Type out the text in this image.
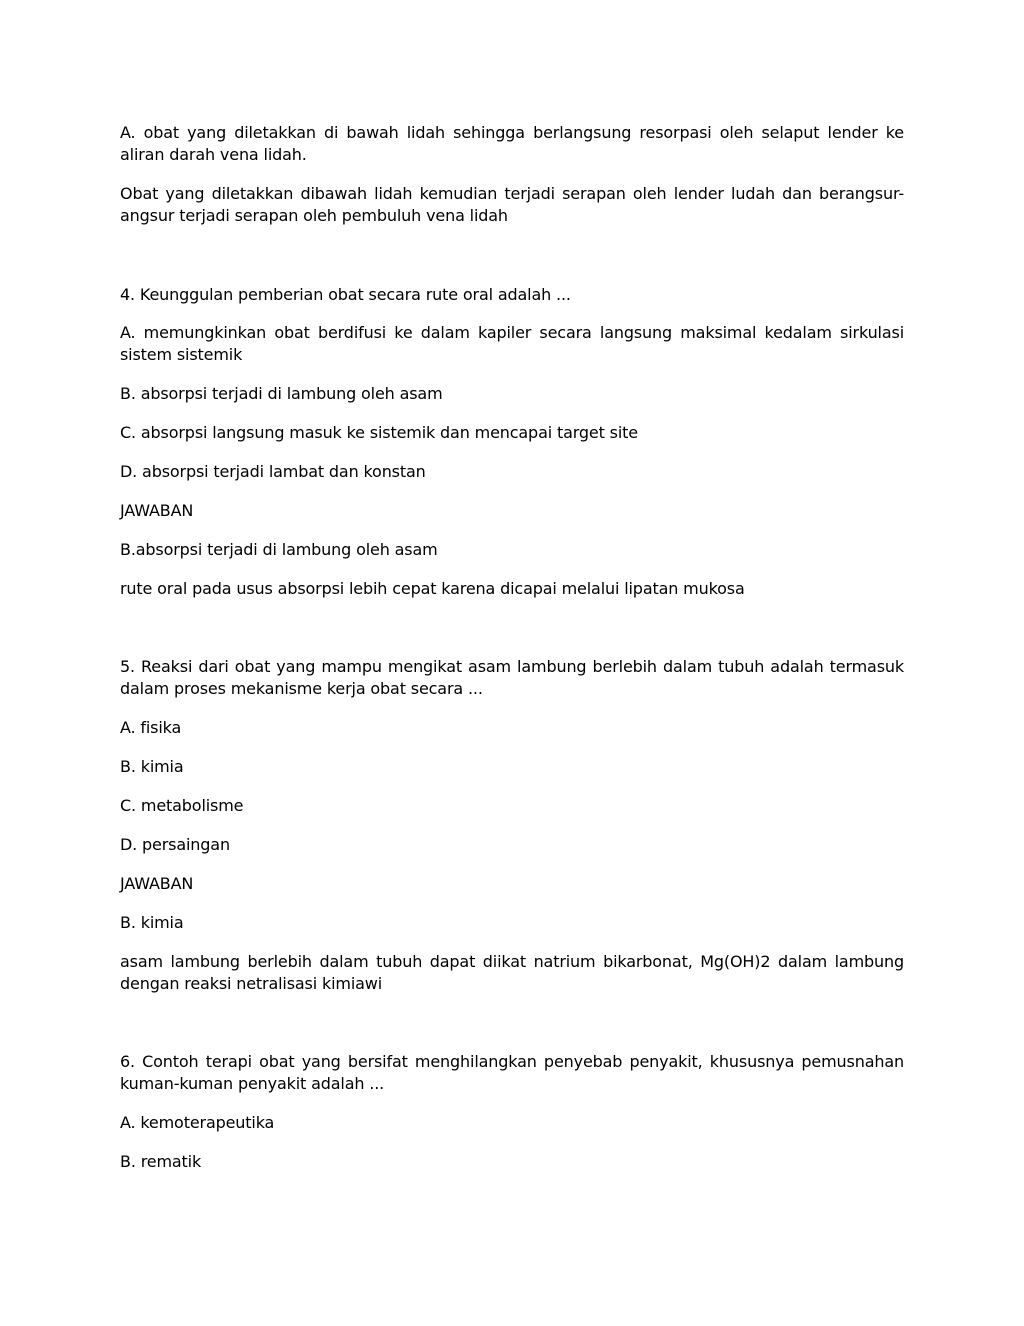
A. obat yang diletakkan di bawah lidah sehingga berlangsung resorpasi oleh selaput lender ke aliran darah vena lidah.

Obat yang diletakkan dibawah lidah kemudian terjadi serapan oleh lender ludah dan berangsur-angsur terjadi serapan oleh pembuluh vena lidah

4. Keunggulan pemberian obat secara rute oral adalah ...

A. memungkinkan obat berdifusi ke dalam kapiler secara langsung maksimal kedalam sirkulasi sistem sistemik

B. absorpsi terjadi di lambung oleh asam

C. absorpsi langsung masuk ke sistemik dan mencapai target site

D. absorpsi terjadi lambat dan konstan

JAWABAN

B.absorpsi terjadi di lambung oleh asam

rute oral pada usus absorpsi lebih cepat karena dicapai melalui lipatan mukosa

5. Reaksi dari obat yang mampu mengikat asam lambung berlebih dalam tubuh adalah termasuk dalam proses mekanisme kerja obat secara ...

A. fisika

B. kimia

C. metabolisme

D. persaingan

JAWABAN

B. kimia

asam lambung berlebih dalam tubuh dapat diikat natrium bikarbonat, Mg(OH)2 dalam lambung dengan reaksi netralisasi kimiawi

6. Contoh terapi obat yang bersifat menghilangkan penyebab penyakit, khususnya pemusnahan kuman-kuman penyakit adalah ...

A. kemoterapeutika

B. rematik
